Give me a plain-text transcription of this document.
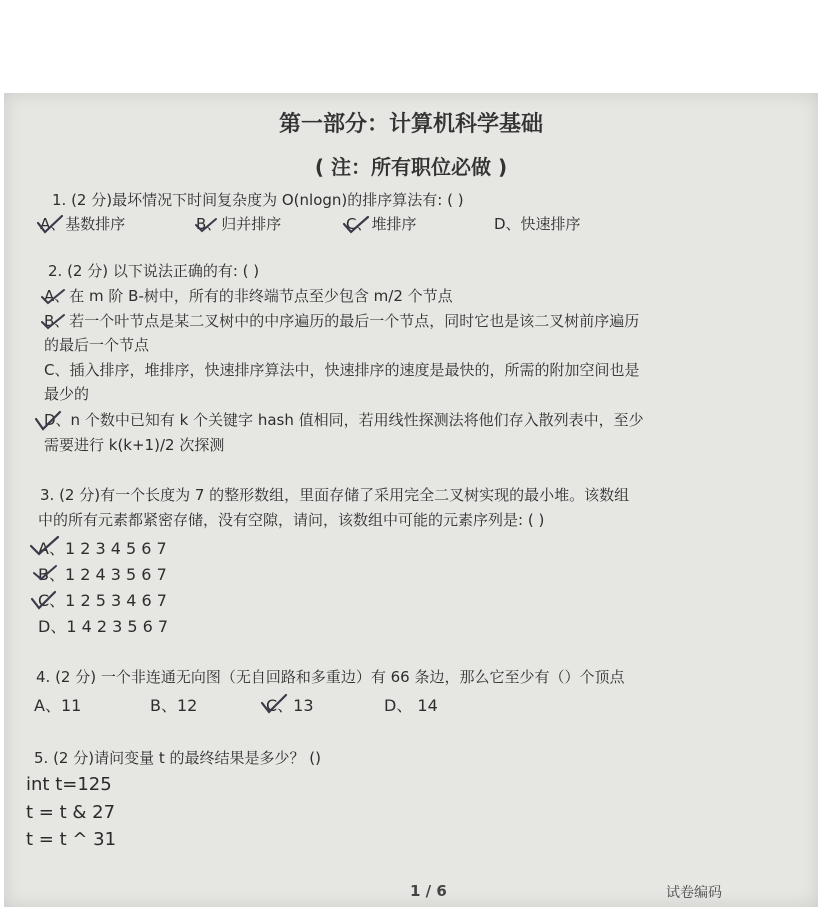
第一部分：计算机科学基础
( 注：所有职位必做 )
1. (2 分)最坏情况下时间复杂度为 O(nlogn)的排序算法有: ( )
A、基数排序	B、归并排序	C、堆排序	D、快速排序
2. (2 分) 以下说法正确的有: ( )
A、在 m 阶 B-树中，所有的非终端节点至少包含 m/2 个节点
B、若一个叶节点是某二叉树中的中序遍历的最后一个节点，同时它也是该二叉树前序遍历
的最后一个节点
C、插入排序，堆排序，快速排序算法中，快速排序的速度是最快的，所需的附加空间也是
最少的
D、n 个数中已知有 k 个关键字 hash 值相同，若用线性探测法将他们存入散列表中，至少
需要进行 k(k+1)/2 次探测
3. (2 分)有一个长度为 7 的整形数组，里面存储了采用完全二叉树实现的最小堆。该数组
中的所有元素都紧密存储，没有空隙，请问，该数组中可能的元素序列是: ( )
A、1 2 3 4 5 6 7
B、1 2 4 3 5 6 7
C、1 2 5 3 4 6 7
D、1 4 2 3 5 6 7
4. (2 分) 一个非连通无向图（无自回路和多重边）有 66 条边，那么它至少有（）个顶点
A、11	B、12	C、13	D、 14
5. (2 分)请问变量 t 的最终结果是多少？ ()
int t=125
t = t & 27
t = t ^ 31
1 / 6	试卷编码
